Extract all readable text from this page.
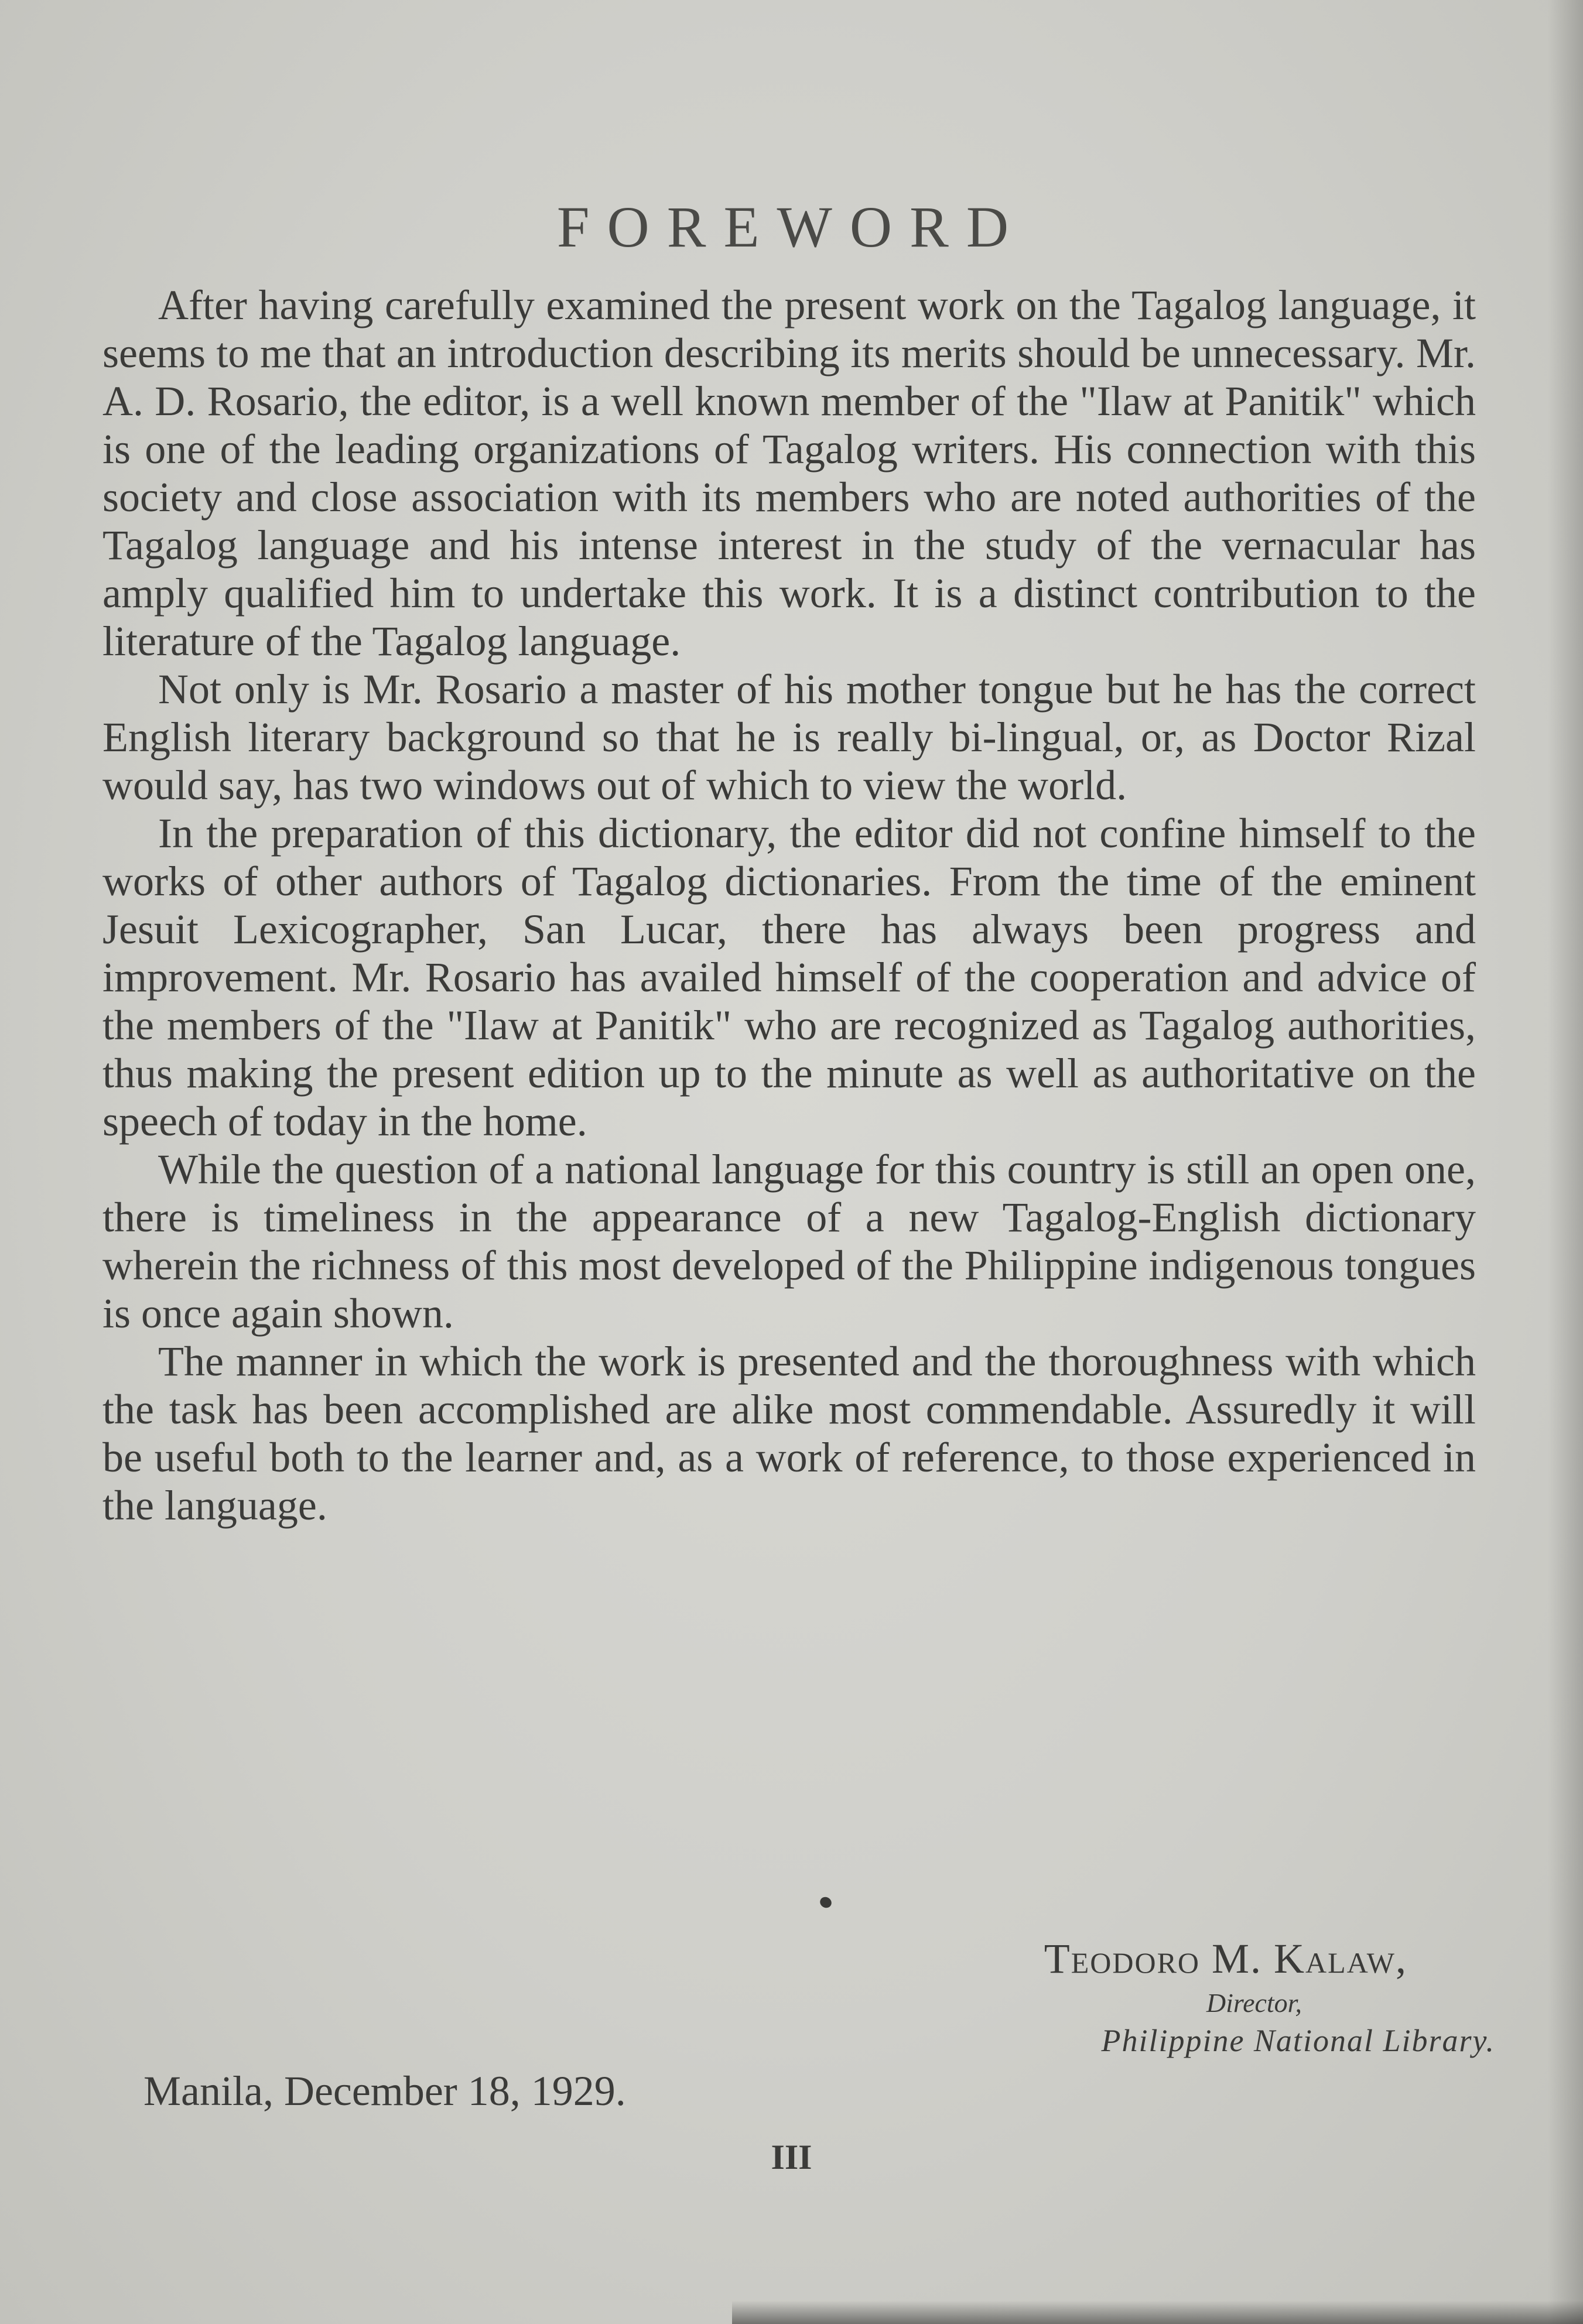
FOREWORD

After having carefully examined the present work on the Tagalog language, it seems to me that an introduction describing its merits should be unnecessary. Mr. A. D. Rosario, the editor, is a well known member of the "Ilaw at Panitik" which is one of the leading organizations of Tagalog writers. His connection with this society and close association with its members who are noted authorities of the Tagalog language and his intense interest in the study of the vernacular has amply qualified him to undertake this work. It is a distinct contribution to the literature of the Tagalog language.

Not only is Mr. Rosario a master of his mother tongue but he has the correct English literary background so that he is really bi-lingual, or, as Doctor Rizal would say, has two windows out of which to view the world.

In the preparation of this dictionary, the editor did not confine himself to the works of other authors of Tagalog dictionaries. From the time of the eminent Jesuit Lexicographer, San Lucar, there has always been progress and improvement. Mr. Rosario has availed himself of the cooperation and advice of the members of the "Ilaw at Panitik" who are recognized as Tagalog authorities, thus making the present edition up to the minute as well as authoritative on the speech of today in the home.

While the question of a national language for this country is still an open one, there is timeliness in the appearance of a new Tagalog-English dictionary wherein the richness of this most developed of the Philippine indigenous tongues is once again shown.

The manner in which the work is presented and the thoroughness with which the task has been accomplished are alike most commendable. Assuredly it will be useful both to the learner and, as a work of reference, to those experienced in the language.

Teodoro M. Kalaw,
Director,
Philippine National Library.
Manila, December 18, 1929.
III
